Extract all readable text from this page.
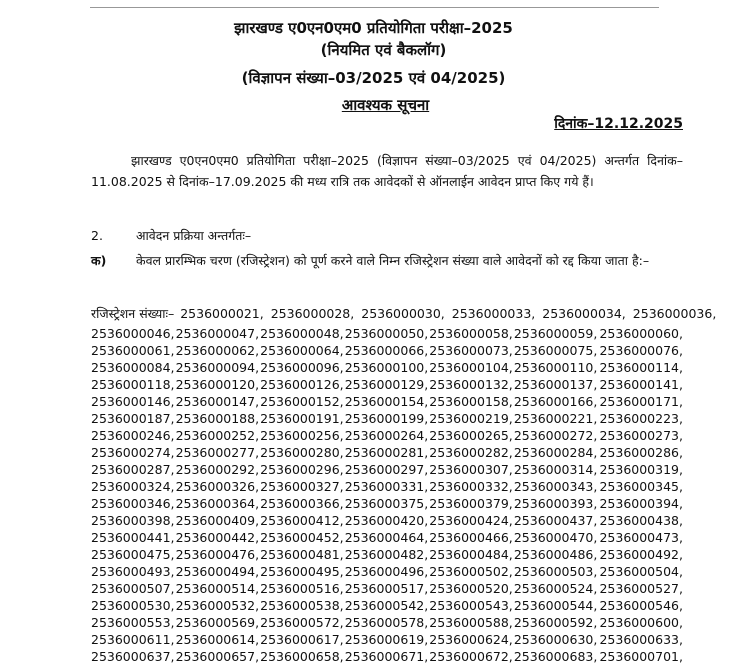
झारखण्ड ए0एन0एम0 प्रतियोगिता परीक्षा–2025
(नियमित एवं बैकलॉग)
(विज्ञापन संख्या–03/2025 एवं 04/2025)
आवश्यक सूचना
दिनांक–12.12.2025
झारखण्ड ए0एन0एम0 प्रतियोगिता परीक्षा–2025 (विज्ञापन संख्या–03/2025 एवं 04/2025) अन्तर्गत दिनांक–11.08.2025 से दिनांक–17.09.2025 की मध्य रात्रि तक आवेदकों से ऑनलाईन आवेदन प्राप्त किए गये हैं।
2.	आवेदन प्रक्रिया अन्तर्गतः–
क) केवल प्रारम्भिक चरण (रजिस्ट्रेशन) को पूर्ण करने वाले निम्न रजिस्ट्रेशन संख्या वाले आवेदनों को रद्द किया जाता है:–
रजिस्ट्रेशन संख्याः– 2536000021, 2536000028, 2536000030, 2536000033, 2536000034, 2536000036,
2536000046, 2536000047, 2536000048, 2536000050, 2536000058, 2536000059, 2536000060,
2536000061, 2536000062, 2536000064, 2536000066, 2536000073, 2536000075, 2536000076,
2536000084, 2536000094, 2536000096, 2536000100, 2536000104, 2536000110, 2536000114,
2536000118, 2536000120, 2536000126, 2536000129, 2536000132, 2536000137, 2536000141,
2536000146, 2536000147, 2536000152, 2536000154, 2536000158, 2536000166, 2536000171,
2536000187, 2536000188, 2536000191, 2536000199, 2536000219, 2536000221, 2536000223,
2536000246, 2536000252, 2536000256, 2536000264, 2536000265, 2536000272, 2536000273,
2536000274, 2536000277, 2536000280, 2536000281, 2536000282, 2536000284, 2536000286,
2536000287, 2536000292, 2536000296, 2536000297, 2536000307, 2536000314, 2536000319,
2536000324, 2536000326, 2536000327, 2536000331, 2536000332, 2536000343, 2536000345,
2536000346, 2536000364, 2536000366, 2536000375, 2536000379, 2536000393, 2536000394,
2536000398, 2536000409, 2536000412, 2536000420, 2536000424, 2536000437, 2536000438,
2536000441, 2536000442, 2536000452, 2536000464, 2536000466, 2536000470, 2536000473,
2536000475, 2536000476, 2536000481, 2536000482, 2536000484, 2536000486, 2536000492,
2536000493, 2536000494, 2536000495, 2536000496, 2536000502, 2536000503, 2536000504,
2536000507, 2536000514, 2536000516, 2536000517, 2536000520, 2536000524, 2536000527,
2536000530, 2536000532, 2536000538, 2536000542, 2536000543, 2536000544, 2536000546,
2536000553, 2536000569, 2536000572, 2536000578, 2536000588, 2536000592, 2536000600,
2536000611, 2536000614, 2536000617, 2536000619, 2536000624, 2536000630, 2536000633,
2536000637, 2536000657, 2536000658, 2536000671, 2536000672, 2536000683, 2536000701,
